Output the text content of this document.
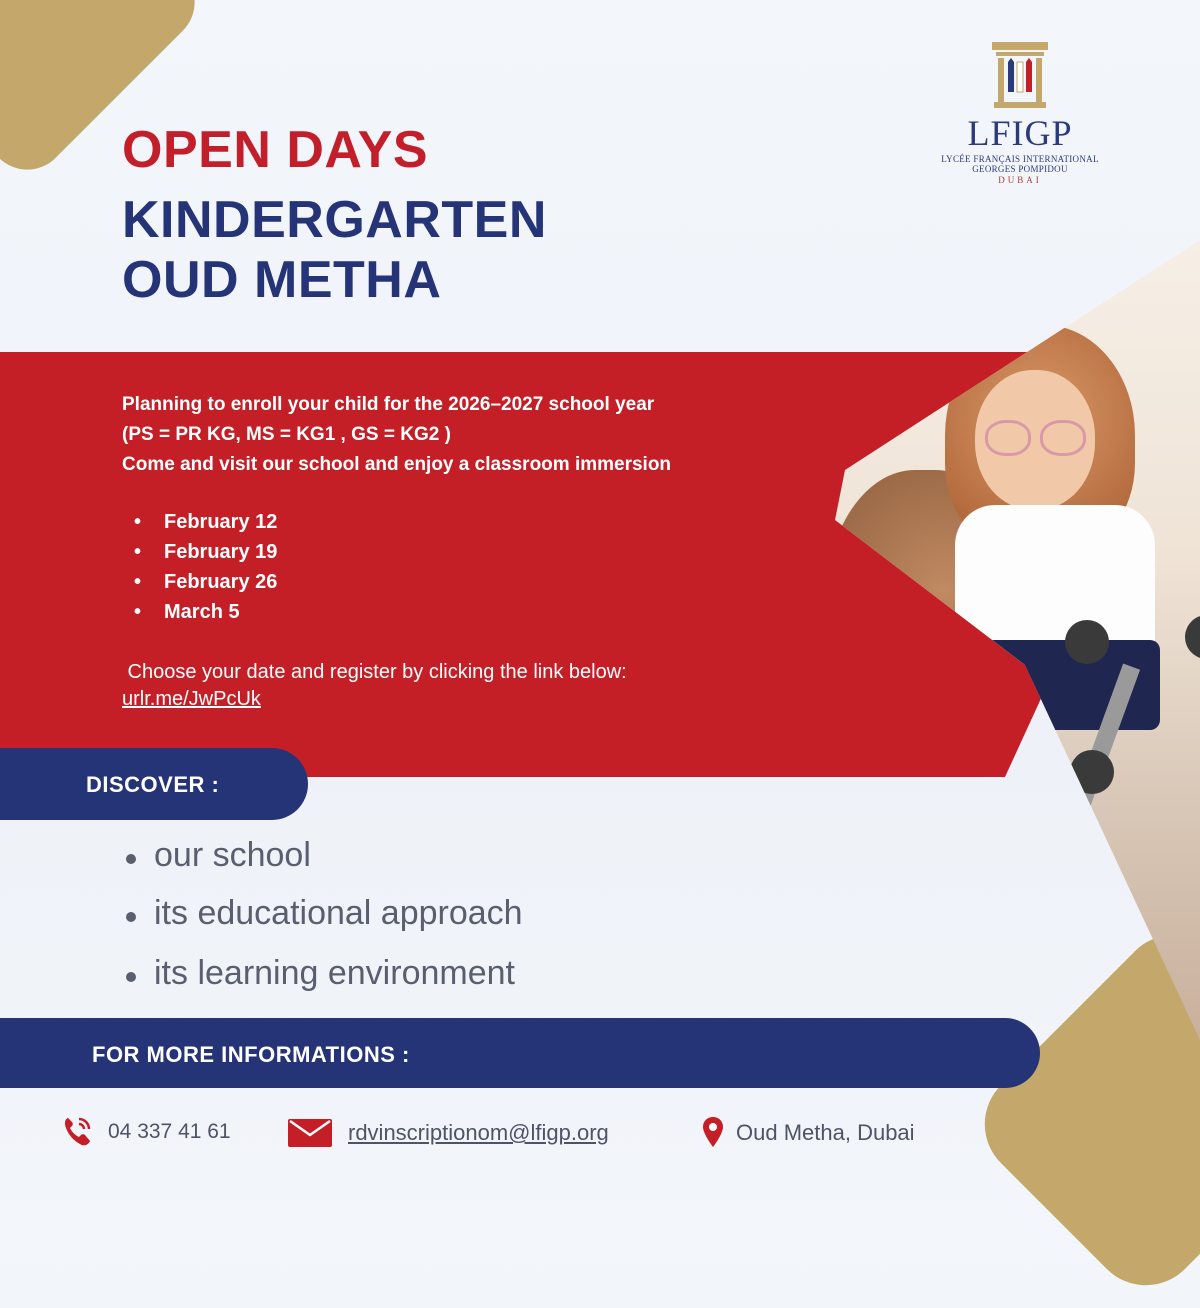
LFIGP
LYCÉE FRANÇAIS INTERNATIONAL
GEORGES POMPIDOU
DUBAI
OPEN DAYS
KINDERGARTEN
OUD METHA

Planning to enroll your child for the 2026–2027 school year

(PS = PR KG, MS = KG1 , GS = KG2 )

Come and visit our school and enjoy a classroom immersion

• February 12
• February 19
• February 26
• March 5
Choose your date and register by clicking the link below:
urlr.me/JwPcUk
DISCOVER :
our school
its educational approach
its learning environment
FOR MORE INFORMATIONS :
04 337 41 61	rdvinscriptionom@lfigp.org	Oud Metha, Dubai
